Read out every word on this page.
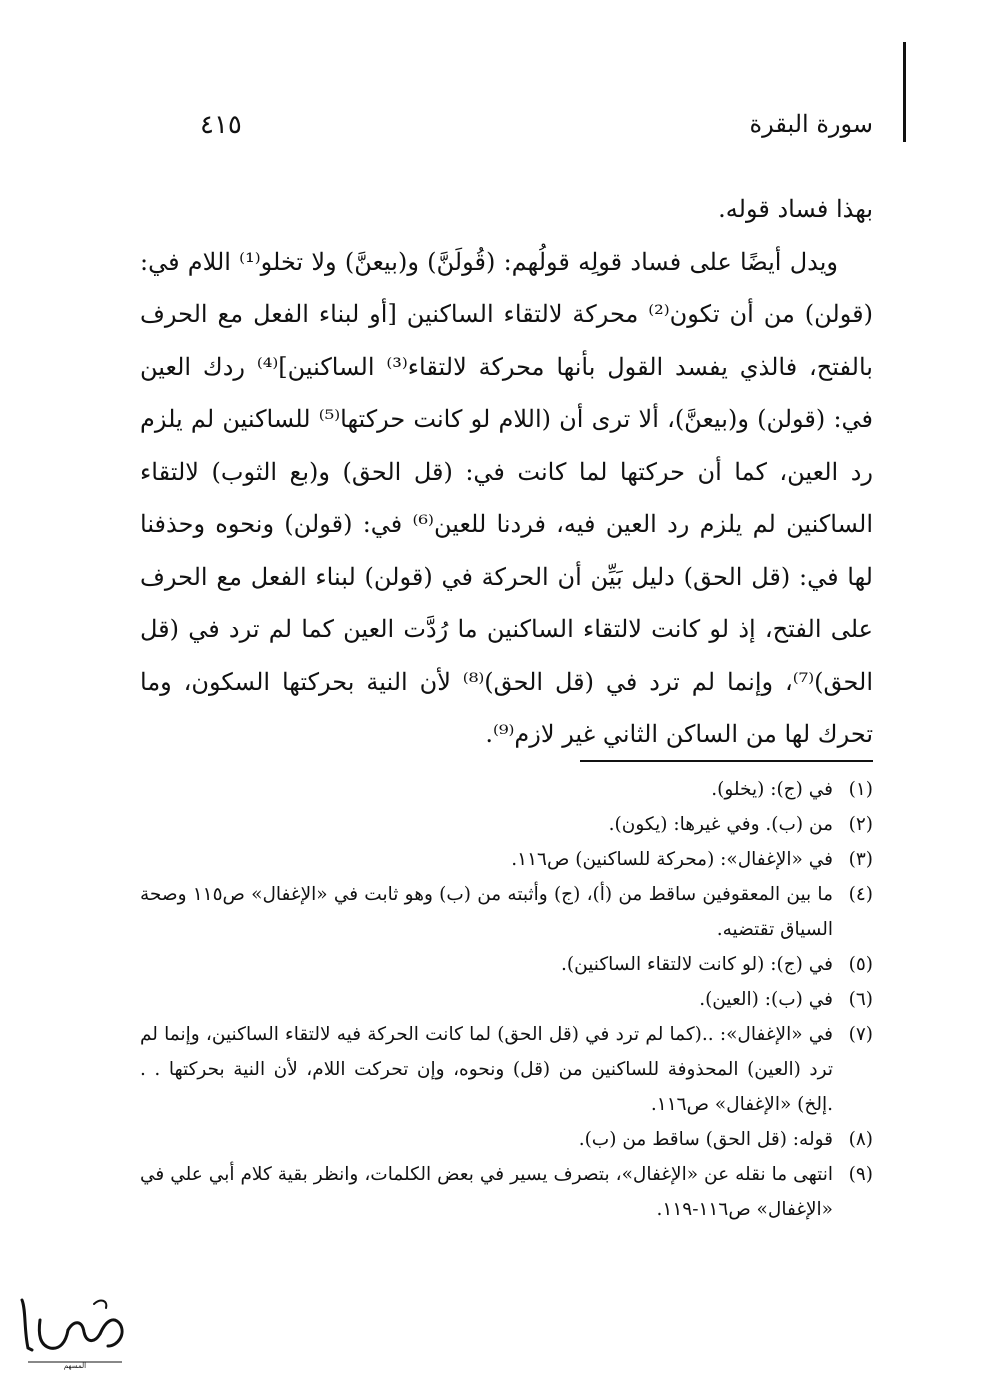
٤١٥	سورة البقرة

بهذا فساد قوله.

ويدل أيضًا على فساد قولِه قولُهم: (قُولَنَّ) و(بيعنَّ) ولا تخلو⁽¹⁾ اللام في: (قولن) من أن تكون⁽²⁾ محركة لالتقاء الساكنين [أو لبناء الفعل مع الحرف بالفتح، فالذي يفسد القول بأنها محركة لالتقاء⁽³⁾ الساكنين]⁽⁴⁾ ردك العين في: (قولن) و(بيعنَّ)، ألا ترى أن (اللام لو كانت حركتها⁽⁵⁾ للساكنين لم يلزم رد العين، كما أن حركتها لما كانت في: (قل الحق) و(بع الثوب) لالتقاء الساكنين لم يلزم رد العين فيه، فردنا للعين⁽⁶⁾ في: (قولن) ونحوه وحذفنا لها في: (قل الحق) دليل بَيِّن أن الحركة في (قولن) لبناء الفعل مع الحرف على الفتح، إذ لو كانت لالتقاء الساكنين ما رُدَّت العين كما لم ترد في (قل الحق)⁽⁷⁾، وإنما لم ترد في (قل الحق)⁽⁸⁾ لأن النية بحركتها السكون، وما تحرك لها من الساكن الثاني غير لازم⁽⁹⁾.

(١)
في (ج): (يخلو).
(٢)
من (ب). وفي غيرها: (يكون).
(٣)
في «الإغفال»: (محركة للساكنين) ص١١٦.
(٤)
ما بين المعقوفين ساقط من (أ)، (ج) وأثبته من (ب) وهو ثابت في «الإغفال» ص١١٥ وصحة السياق تقتضيه.
(٥)
في (ج): (لو كانت لالتقاء الساكنين).
(٦)
في (ب): (العين).
(٧)
في «الإغفال»: ..(كما لم ترد في (قل الحق) لما كانت الحركة فيه لالتقاء الساكنين، وإنما لم ترد (العين) المحذوفة للساكنين من (قل) ونحوه، وإن تحركت اللام، لأن النية بحركتها . . .إلخ) «الإغفال» ص١١٦.
(٨)
قوله: (قل الحق) ساقط من (ب).
(٩)
انتهى ما نقله عن «الإغفال»، بتصرف يسير في بعض الكلمات، وانظر بقية كلام أبي علي في «الإغفال» ص١١٦-١١٩.
المسهم
